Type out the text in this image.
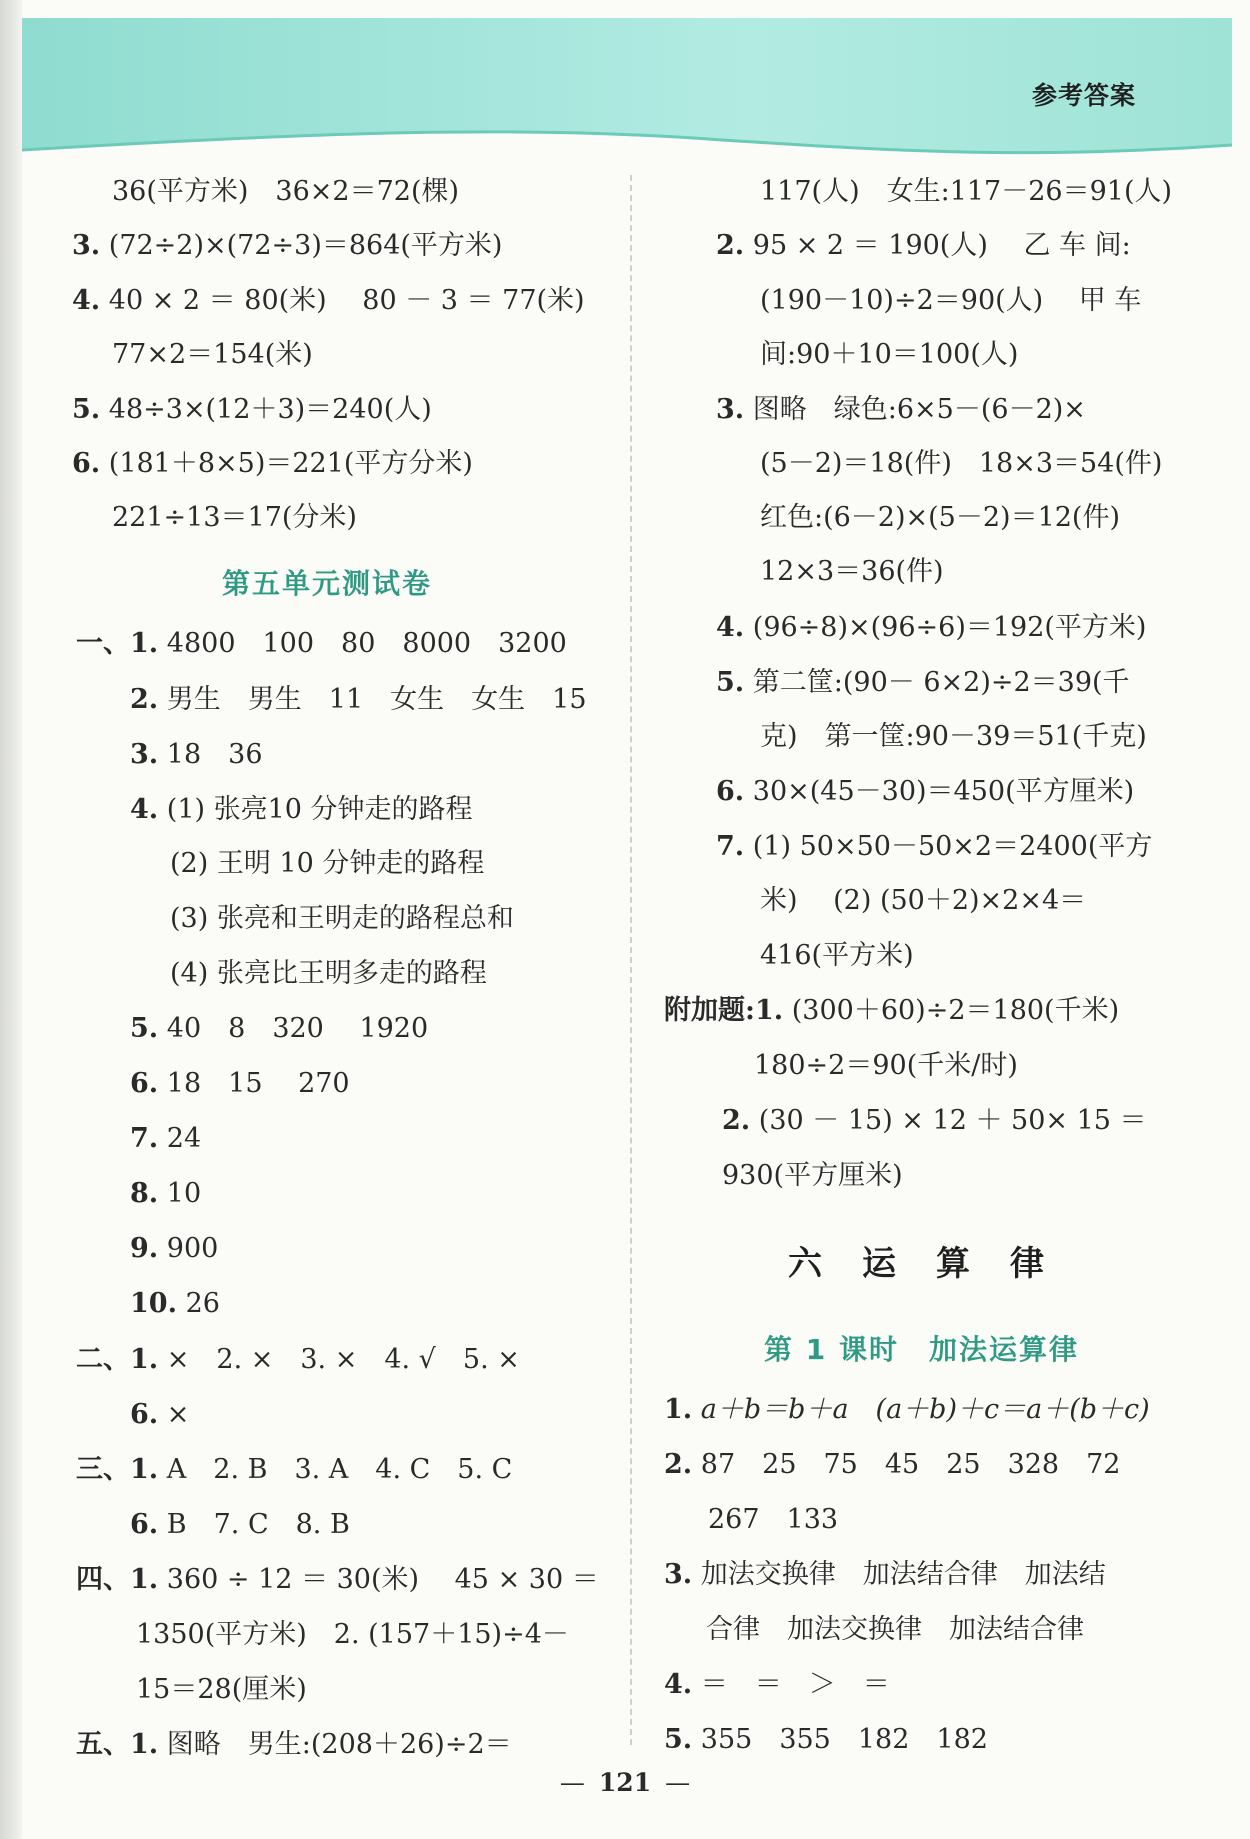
参考答案
36(平方米)　36×2＝72(棵)
3. (72÷2)×(72÷3)＝864(平方米)
4. 40 × 2 ＝ 80(米)　 80 － 3 ＝ 77(米)
77×2＝154(米)
5. 48÷3×(12＋3)＝240(人)
6. (181＋8×5)＝221(平方分米)
221÷13＝17(分米)
第五单元测试卷
一、1. 4800　100　80　8000　3200
2. 男生　男生　11　女生　女生　15
3. 18　36
4. (1) 张亮10 分钟走的路程
(2) 王明 10 分钟走的路程
(3) 张亮和王明走的路程总和
(4) 张亮比王明多走的路程
5. 40　8　320　 1920
6. 18　15　 270
7. 24
8. 10
9. 900
10. 26
二、1. ×　2. ×　3. ×　4. √　5. ×
6. ×
三、1. A　2. B　3. A　4. C　5. C
6. B　7. C　8. B
四、1. 360 ÷ 12 ＝ 30(米)　 45 × 30 ＝
1350(平方米)　2. (157＋15)÷4－
15＝28(厘米)
五、1. 图略　男生:(208＋26)÷2＝
117(人)　女生:117－26＝91(人)
2. 95 × 2 ＝ 190(人)　 乙 车 间:
(190－10)÷2＝90(人)　 甲 车
间:90＋10＝100(人)
3. 图略　绿色:6×5－(6－2)×
(5－2)＝18(件)　18×3＝54(件)
红色:(6－2)×(5－2)＝12(件)
12×3＝36(件)
4. (96÷8)×(96÷6)＝192(平方米)
5. 第二筐:(90－ 6×2)÷2＝39(千
克)　第一筐:90－39＝51(千克)
6. 30×(45－30)＝450(平方厘米)
7. (1) 50×50－50×2＝2400(平方
米)　 (2) (50＋2)×2×4＝
416(平方米)
附加题:1. (300＋60)÷2＝180(千米)
180÷2＝90(千米/时)
2. (30 － 15) × 12 ＋ 50× 15 ＝
930(平方厘米)
六运算律
第 1 课时　加法运算律
1. a＋b＝b＋a　(a＋b)＋c＝a＋(b＋c)
2. 87　25　75　45　25　328　72
267　133
3. 加法交换律　加法结合律　加法结
合律　加法交换律　加法结合律
4. ＝　＝　＞　＝
5. 355　355　182　182
— 121 —
